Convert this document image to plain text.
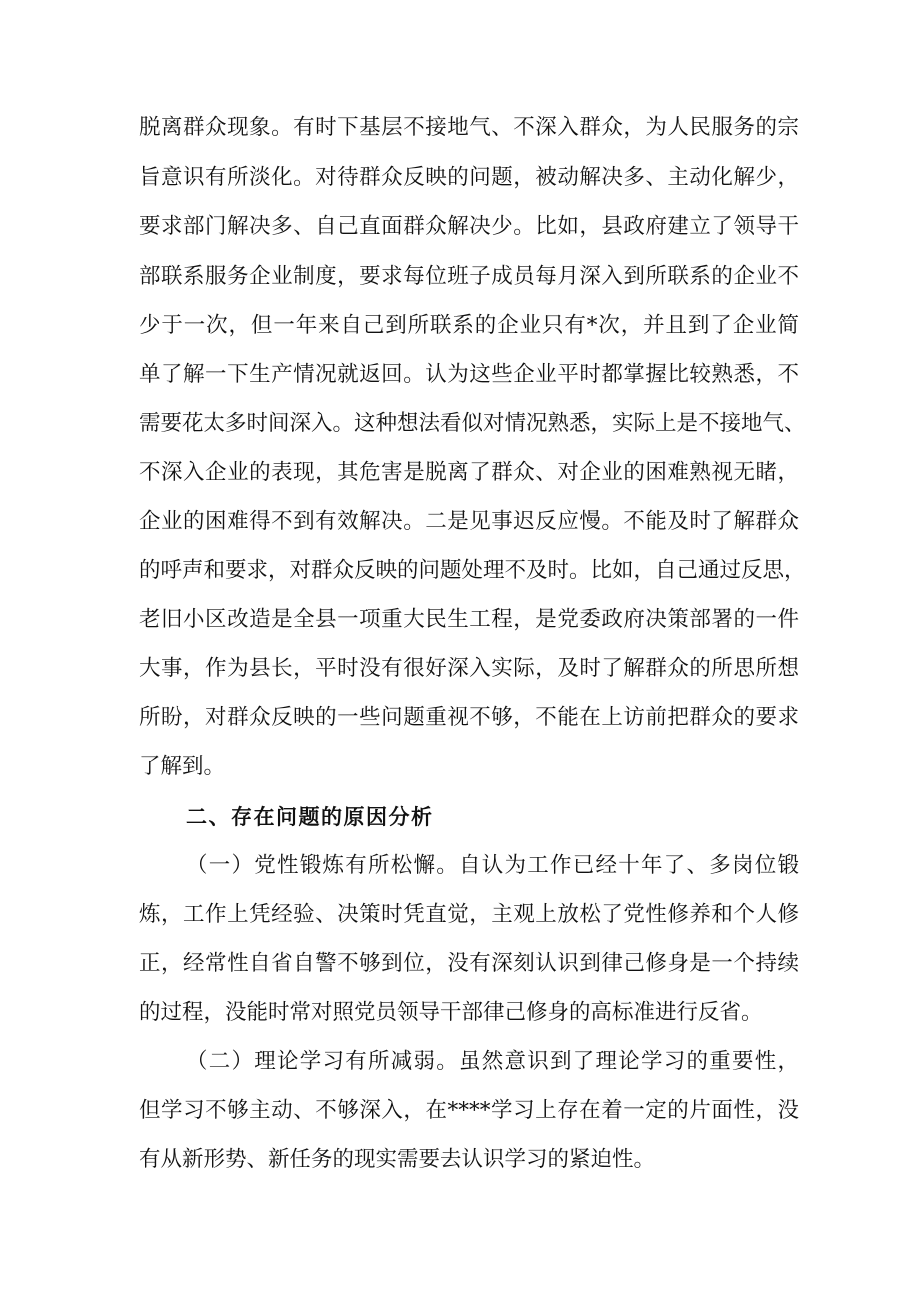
脱离群众现象。有时下基层不接地气、不深入群众，为人民服务的宗
旨意识有所淡化。对待群众反映的问题，被动解决多、主动化解少，
要求部门解决多、自己直面群众解决少。比如，县政府建立了领导干
部联系服务企业制度，要求每位班子成员每月深入到所联系的企业不
少于一次，但一年来自己到所联系的企业只有*次，并且到了企业简
单了解一下生产情况就返回。认为这些企业平时都掌握比较熟悉，不
需要花太多时间深入。这种想法看似对情况熟悉，实际上是不接地气、
不深入企业的表现，其危害是脱离了群众、对企业的困难熟视无睹，
企业的困难得不到有效解决。二是见事迟反应慢。不能及时了解群众
的呼声和要求，对群众反映的问题处理不及时。比如，自己通过反思，
老旧小区改造是全县一项重大民生工程，是党委政府决策部署的一件
大事，作为县长，平时没有很好深入实际，及时了解群众的所思所想
所盼，对群众反映的一些问题重视不够，不能在上访前把群众的要求
了解到。
二、存在问题的原因分析
（一）党性锻炼有所松懈。自认为工作已经十年了、多岗位锻
炼，工作上凭经验、决策时凭直觉，主观上放松了党性修养和个人修
正，经常性自省自警不够到位，没有深刻认识到律己修身是一个持续
的过程，没能时常对照党员领导干部律己修身的高标准进行反省。
（二）理论学习有所减弱。虽然意识到了理论学习的重要性，
但学习不够主动、不够深入，在****学习上存在着一定的片面性，没
有从新形势、新任务的现实需要去认识学习的紧迫性。
